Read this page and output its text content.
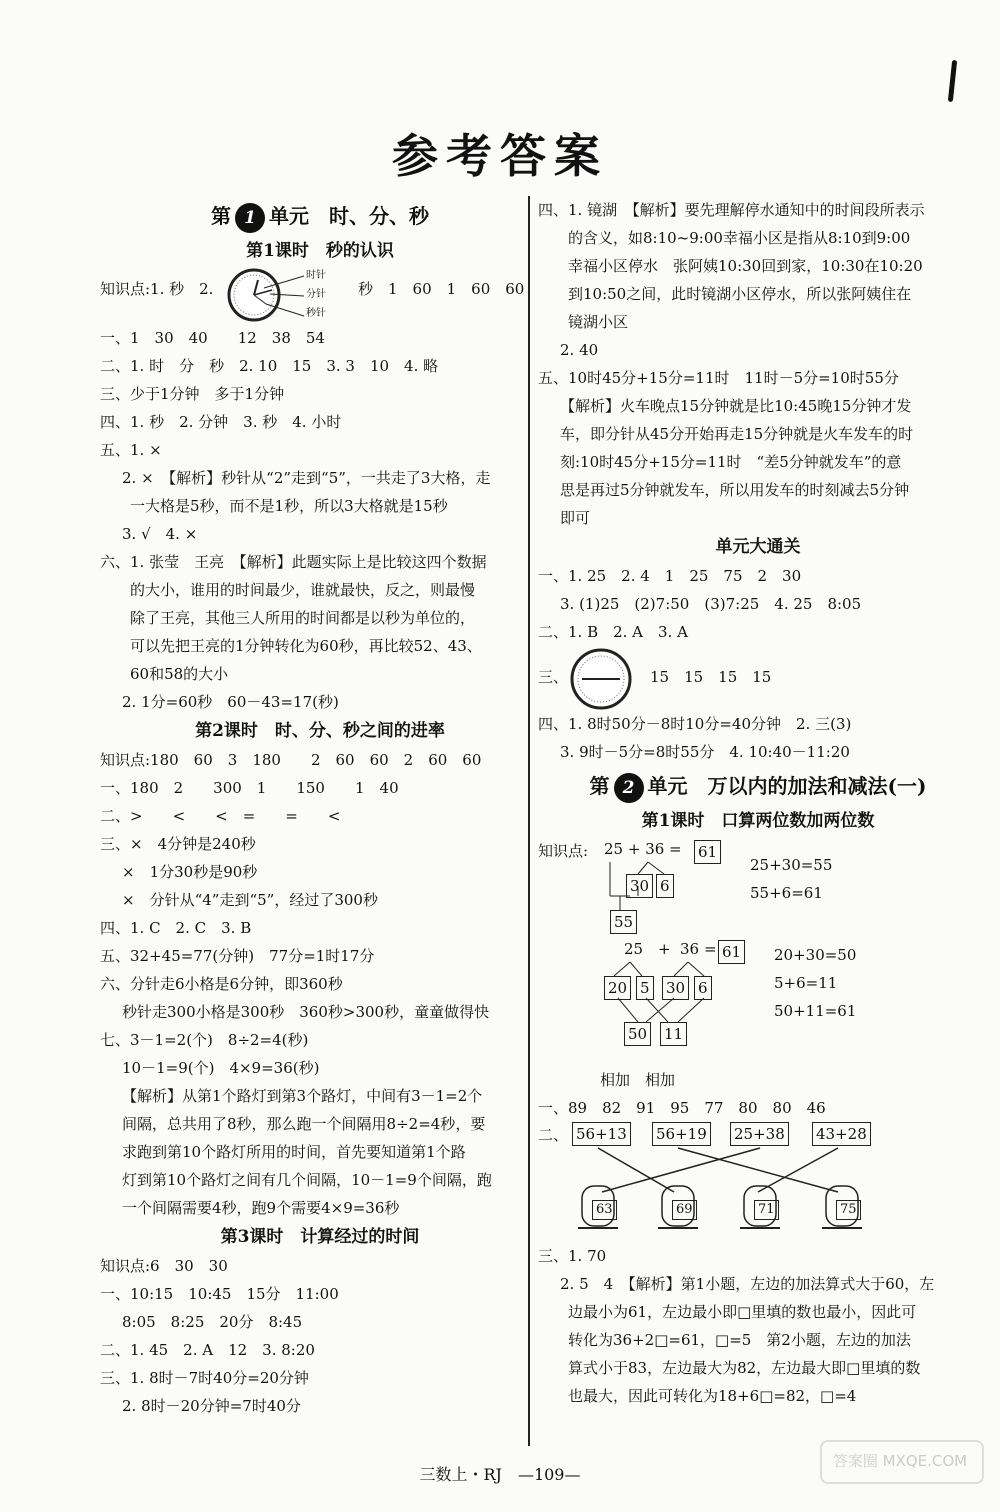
参考答案
第 1 单元　时、分、秒
第1课时　秒的认识
知识点:1. 秒　2.
时针
分针
秒针
秒　1　60　1　60　60
一、1　30　40　　12　38　54
二、1. 时　分　秒　2. 10　15　3. 3　10　4. 略
三、少于1分钟　多于1分钟
四、1. 秒　2. 分钟　3. 秒　4. 小时
五、1. ×
2. ×　【解析】秒针从“2”走到“5”，一共走了3大格，走
一大格是5秒，而不是1秒，所以3大格就是15秒
3. √　4. ×
六、1. 张莹　王亮　【解析】此题实际上是比较这四个数据
的大小，谁用的时间最少，谁就最快，反之，则最慢
除了王亮，其他三人所用的时间都是以秒为单位的，
可以先把王亮的1分钟转化为60秒，再比较52、43、
60和58的大小
2. 1分=60秒　60－43=17(秒)
第2课时　时、分、秒之间的进率
知识点:180　60　3　180　　2　60　60　2　60　60
一、180　2　　300　1　　150　　1　40
二、>　　<　　<　=　　=　　<
三、×　4分钟是240秒
×　1分30秒是90秒
×　分针从“4”走到“5”，经过了300秒
四、1. C　2. C　3. B
五、32+45=77(分钟)　77分=1时17分
六、分针走6小格是6分钟，即360秒
秒针走300小格是300秒　360秒>300秒，童童做得快
七、3－1=2(个)　8÷2=4(秒)
10－1=9(个)　4×9=36(秒)
【解析】从第1个路灯到第3个路灯，中间有3－1=2个
间隔，总共用了8秒，那么跑一个间隔用8÷2=4秒，要
求跑到第10个路灯所用的时间，首先要知道第1个路
灯到第10个路灯之间有几个间隔，10－1=9个间隔，跑
一个间隔需要4秒，跑9个需要4×9=36秒
第3课时　计算经过的时间
知识点:6　30　30
一、10:15　10:45　15分　11:00
8:05　8:25　20分　8:45
二、1. 45　2. A　12　3. 8:20
三、1. 8时－7时40分=20分钟
2. 8时－20分钟=7时40分
四、1. 镜湖　【解析】要先理解停水通知中的时间段所表示
的含义，如8:10~9:00幸福小区是指从8:10到9:00
幸福小区停水　张阿姨10:30回到家，10:30在10:20
到10:50之间，此时镜湖小区停水，所以张阿姨住在
镜湖小区
2. 40
五、10时45分+15分=11时　11时－5分=10时55分
【解析】火车晚点15分钟就是比10:45晚15分钟才发
车，即分针从45分开始再走15分钟就是火车发车的时
刻:10时45分+15分=11时　“差5分钟就发车”的意
思是再过5分钟就发车，所以用发车的时刻减去5分钟
即可
单元大通关
一、1. 25　2. 4　1　25　75　2　30
3. (1)25　(2)7:50　(3)7:25　4. 25　8:05
二、1. B　2. A　3. A
三、	15　15　15　15
四、1. 8时50分－8时10分=40分钟　2. 三(3)
3. 9时－5分=8时55分　4. 10:40－11:20
第 2 单元　万以内的加法和减法(一)
第1课时　口算两位数加两位数
知识点: 25 + 36 = 61
30 6
55
25+30=55
55+6=61
25 + 36 = 61
20 5 30 6
50 11
20+30=50
5+6=11
50+11=61
相加　相加
一、89　82　91　95　77　80　80　46
二、 56+13 56+19 25+38 43+28
63	69	71	75
三、1. 70
2. 5　4　【解析】第1小题，左边的加法算式大于60，左
边最小为61，左边最小即□里填的数也最小，因此可
转化为36+2□=61，□=5　第2小题，左边的加法
算式小于83，左边最大为82，左边最大即□里填的数
也最大，因此可转化为18+6□=82，□=4
三数上・RJ　—109—
答案圈 MXQE.COM
